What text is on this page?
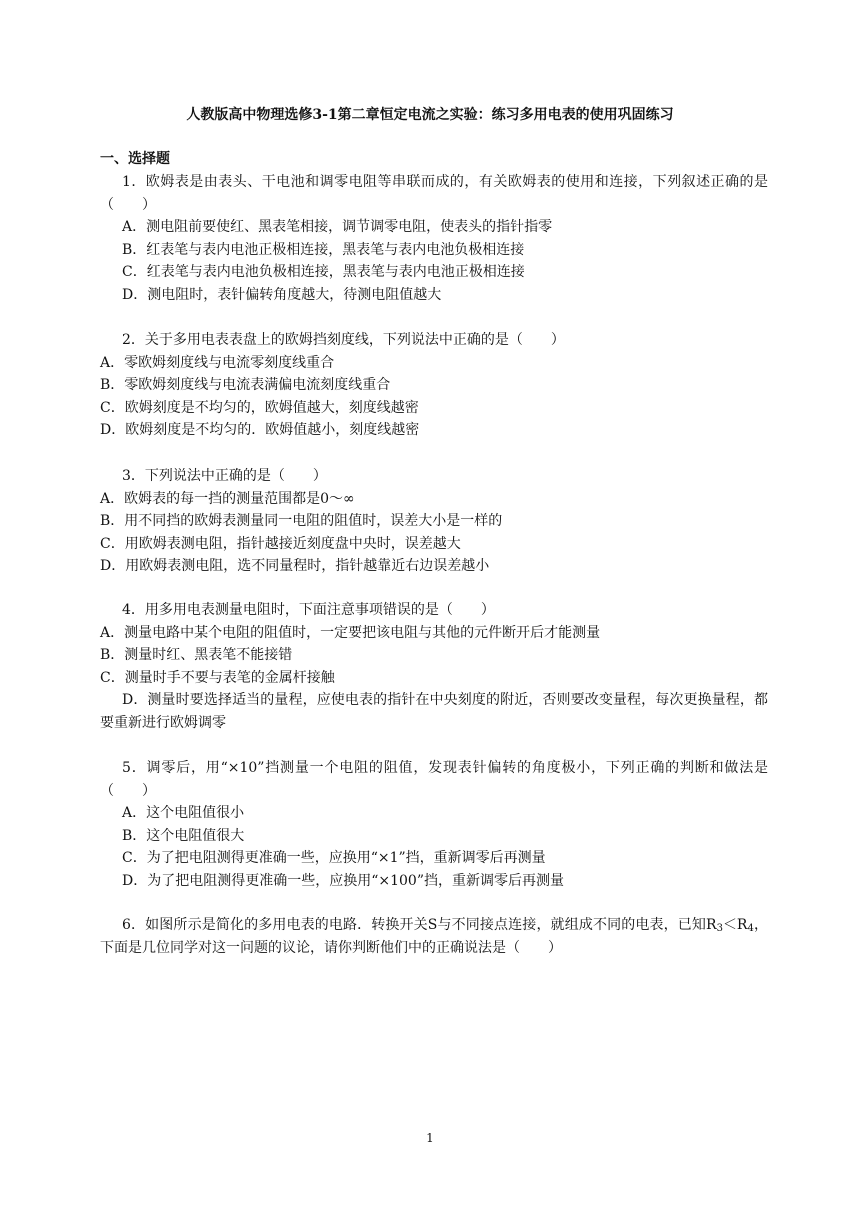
人教版高中物理选修3-1第二章恒定电流之实验：练习多用电表的使用巩固练习
一、选择题

1．欧姆表是由表头、干电池和调零电阻等串联而成的，有关欧姆表的使用和连接，下列叙述正确的是（　　）

A．测电阻前要使红、黑表笔相接，调节调零电阻，使表头的指针指零

B．红表笔与表内电池正极相连接，黑表笔与表内电池负极相连接

C．红表笔与表内电池负极相连接，黑表笔与表内电池正极相连接

D．测电阻时，表针偏转角度越大，待测电阻值越大

2．关于多用电表表盘上的欧姆挡刻度线，下列说法中正确的是（　　）

A．零欧姆刻度线与电流零刻度线重合

B．零欧姆刻度线与电流表满偏电流刻度线重合

C．欧姆刻度是不均匀的，欧姆值越大，刻度线越密

D．欧姆刻度是不均匀的．欧姆值越小，刻度线越密

3．下列说法中正确的是（　　）

A．欧姆表的每一挡的测量范围都是0～∞

B．用不同挡的欧姆表测量同一电阻的阻值时，误差大小是一样的

C．用欧姆表测电阻，指针越接近刻度盘中央时，误差越大

D．用欧姆表测电阻，选不同量程时，指针越靠近右边误差越小

4．用多用电表测量电阻时，下面注意事项错误的是（　　）

A．测量电路中某个电阻的阻值时，一定要把该电阻与其他的元件断开后才能测量

B．测量时红、黑表笔不能接错

C．测量时手不要与表笔的金属杆接触

D．测量时要选择适当的量程，应使电表的指针在中央刻度的附近，否则要改变量程，每次更换量程，都要重新进行欧姆调零

5．调零后，用“×10”挡测量一个电阻的阻值，发现表针偏转的角度极小，下列正确的判断和做法是（　　）

A．这个电阻值很小

B．这个电阻值很大

C．为了把电阻测得更准确一些，应换用“×1”挡，重新调零后再测量

D．为了把电阻测得更准确一些，应换用“×100”挡，重新调零后再测量

6．如图所示是简化的多用电表的电路．转换开关S与不同接点连接，就组成不同的电表，已知$R_3<R_4$，下面是几位同学对这一问题的议论，请你判断他们中的正确说法是（　　）

1
